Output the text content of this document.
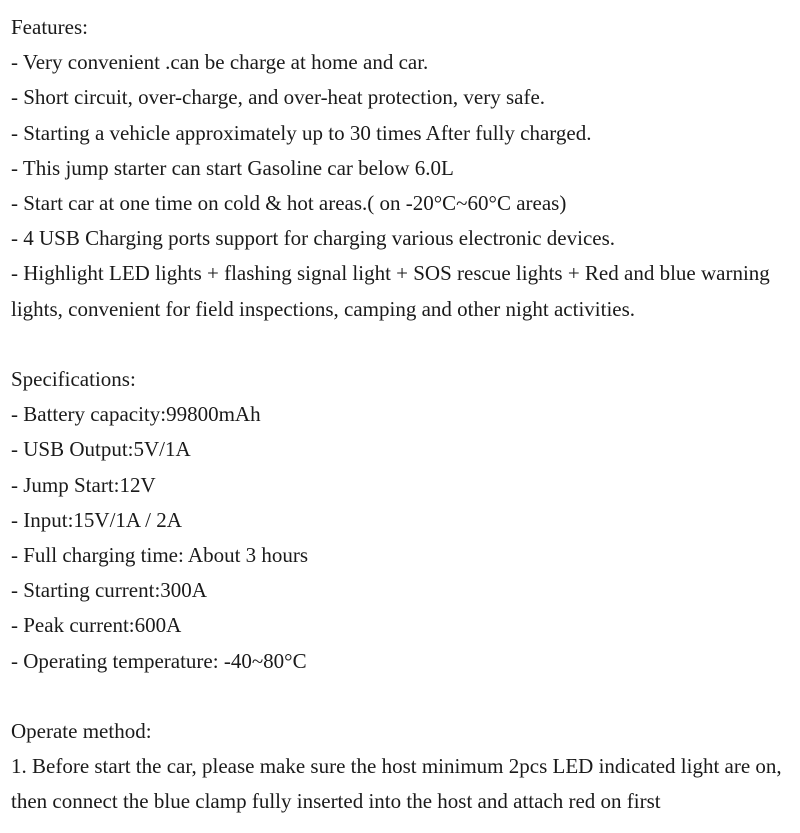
Features:

- Very convenient .can be charge at home and car.

- Short circuit, over-charge, and over-heat protection, very safe.

- Starting a vehicle approximately up to 30 times After fully charged.

- This jump starter can start Gasoline car below 6.0L

- Start car at one time on cold & hot areas.( on -20°C~60°C areas)

- 4 USB Charging ports support for charging various electronic devices.

- Highlight LED lights + flashing signal light + SOS rescue lights + Red and blue warning lights, convenient for field inspections, camping and other night activities.

Specifications:

- Battery capacity:99800mAh

- USB Output:5V/1A

- Jump Start:12V

- Input:15V/1A / 2A

- Full charging time: About 3 hours

- Starting current:300A

- Peak current:600A

- Operating temperature: -40~80°C

Operate method:

1. Before start the car, please make sure the host minimum 2pcs LED indicated light are on, then connect the blue clamp fully inserted into the host and attach red on first
